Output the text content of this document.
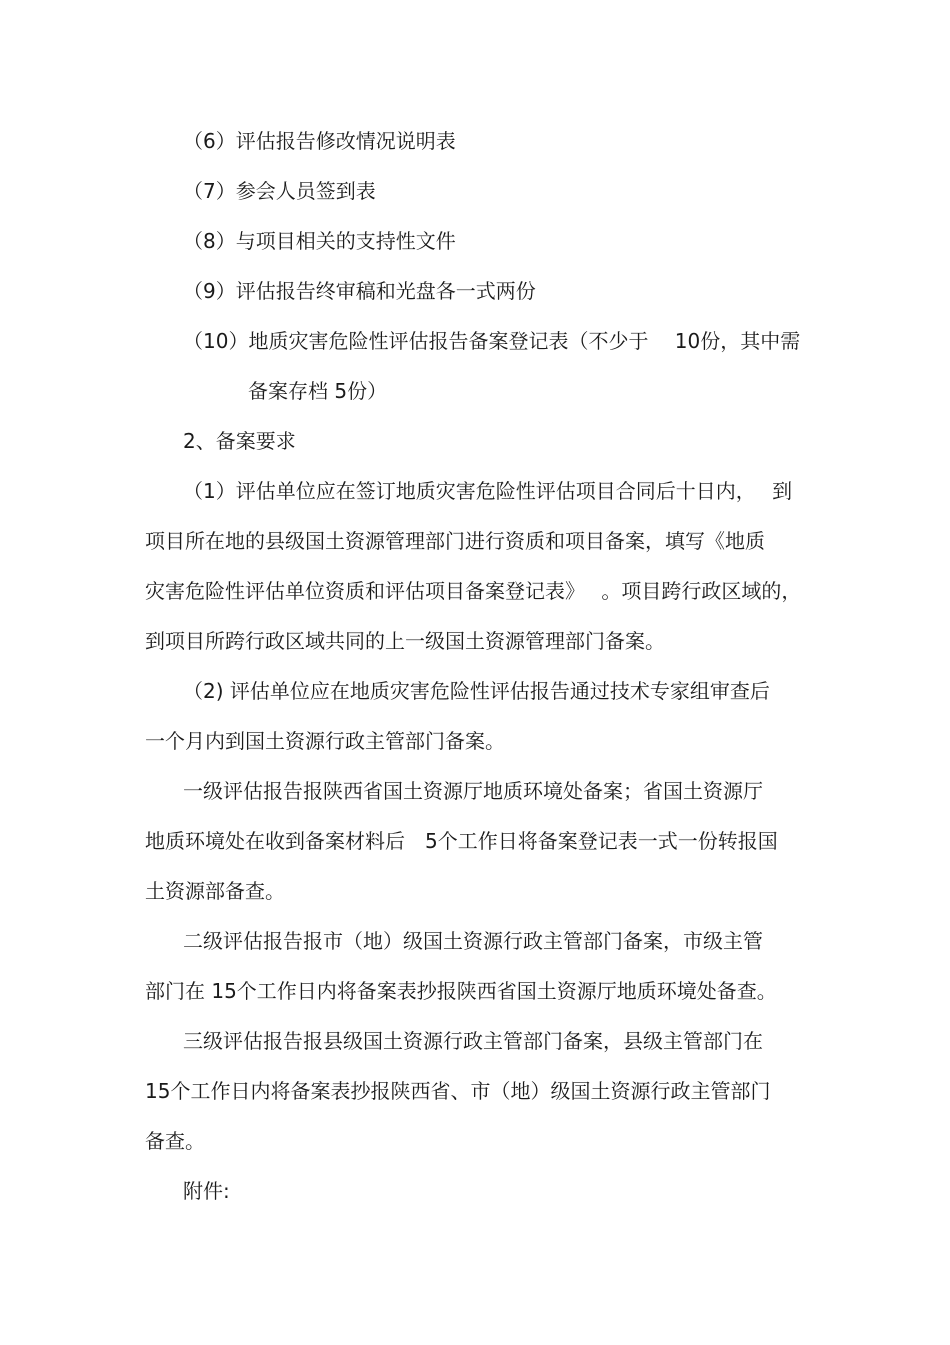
（6）评估报告修改情况说明表
（7）参会人员签到表
（8）与项目相关的支持性文件
（9）评估报告终审稿和光盘各一式两份
（10）地质灾害危险性评估报告备案登记表（不少于　 10份，其中需
备案存档 5份）
2、备案要求
（1）评估单位应在签订地质灾害危险性评估项目合同后十日内，　 到
项目所在地的县级国土资源管理部门进行资质和项目备案，填写《地质
灾害危险性评估单位资质和评估项目备案登记表》　 。项目跨行政区域的，
到项目所跨行政区域共同的上一级国土资源管理部门备案。
（2) 评估单位应在地质灾害危险性评估报告通过技术专家组审查后
一个月内到国土资源行政主管部门备案。
一级评估报告报陕西省国土资源厅地质环境处备案；省国土资源厅
地质环境处在收到备案材料后　5个工作日将备案登记表一式一份转报国
土资源部备查。
二级评估报告报市（地）级国土资源行政主管部门备案，市级主管
部门在 15个工作日内将备案表抄报陕西省国土资源厅地质环境处备查。
三级评估报告报县级国土资源行政主管部门备案，县级主管部门在
15个工作日内将备案表抄报陕西省、市（地）级国土资源行政主管部门
备查。
附件:
